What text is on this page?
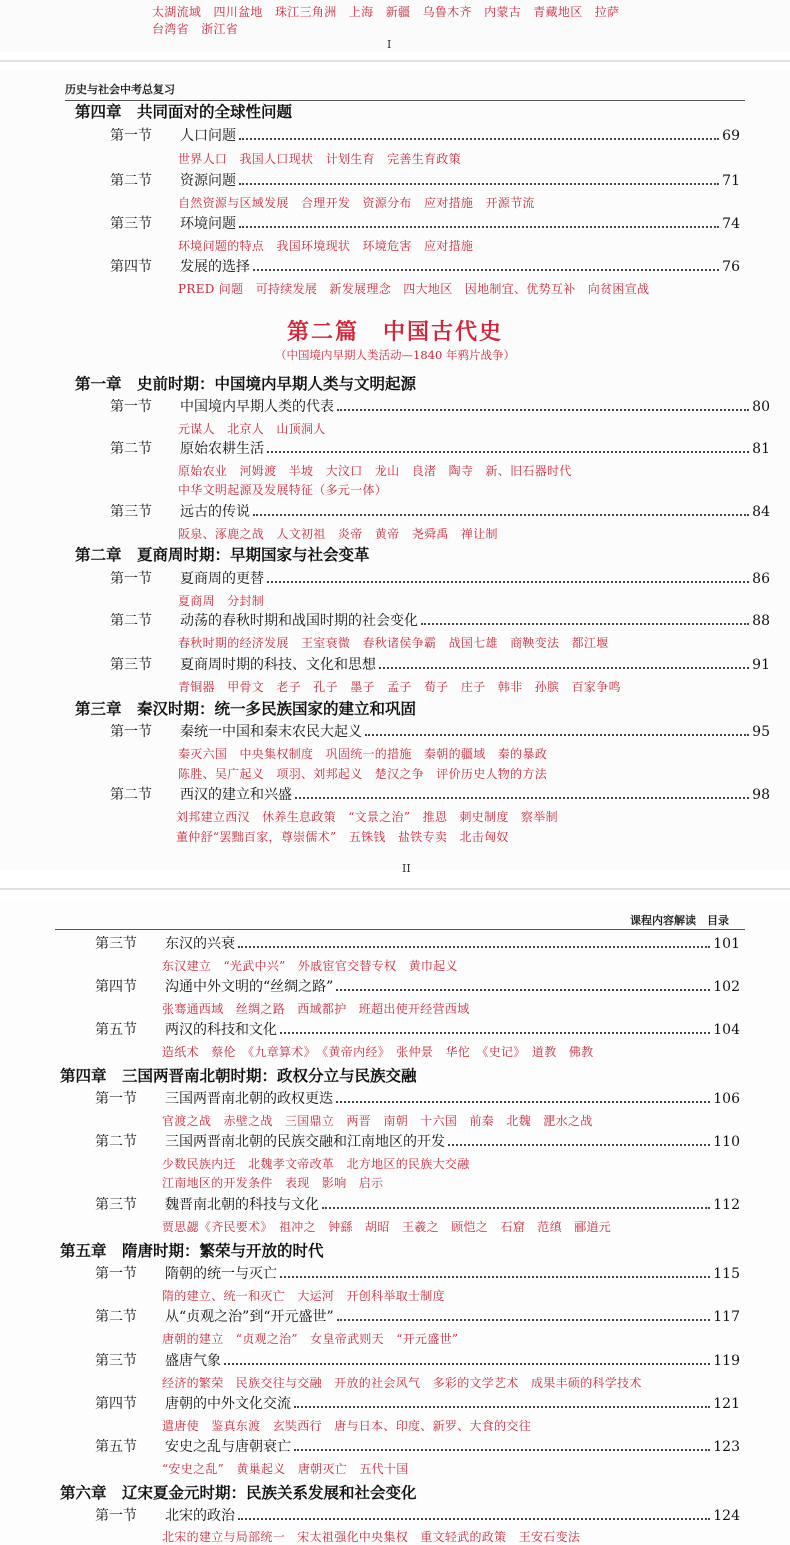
太湖流域　四川盆地　珠江三角洲　上海　新疆　乌鲁木齐　内蒙古　青藏地区　拉萨
台湾省　浙江省
I
历史与社会中考总复习
第四章　共同面对的全球性问题
第一节	人口问题	69
世界人口　我国人口现状　计划生育　完善生育政策
第二节	资源问题	71
自然资源与区域发展　合理开发　资源分布　应对措施　开源节流
第三节	环境问题	74
环境问题的特点　我国环境现状　环境危害　应对措施
第四节	发展的选择	76
PRED 问题　可持续发展　新发展理念　四大地区　因地制宜、优势互补　向贫困宣战
第二篇　中国古代史
（中国境内早期人类活动—1840 年鸦片战争）
第一章　史前时期：中国境内早期人类与文明起源
第一节	中国境内早期人类的代表	80
元谋人　北京人　山顶洞人
第二节	原始农耕生活	81
原始农业　河姆渡　半坡　大汶口　龙山　良渚　陶寺　新、旧石器时代
中华文明起源及发展特征（多元一体）
第三节	远古的传说	84
阪泉、涿鹿之战　人文初祖　炎帝　黄帝　尧舜禹　禅让制
第二章　夏商周时期：早期国家与社会变革
第一节	夏商周的更替	86
夏商周　分封制
第二节	动荡的春秋时期和战国时期的社会变化	88
春秋时期的经济发展　王室衰微　春秋诸侯争霸　战国七雄　商鞅变法　都江堰
第三节	夏商周时期的科技、文化和思想	91
青铜器　甲骨文　老子　孔子　墨子　孟子　荀子　庄子　韩非　孙膑　百家争鸣
第三章　秦汉时期：统一多民族国家的建立和巩固
第一节	秦统一中国和秦末农民大起义	95
秦灭六国　中央集权制度　巩固统一的措施　秦朝的疆域　秦的暴政
陈胜、吴广起义　项羽、刘邦起义　楚汉之争　评价历史人物的方法
第二节	西汉的建立和兴盛	98
刘邦建立西汉　休养生息政策　“文景之治”　推恩　刺史制度　察举制
董仲舒“罢黜百家，尊崇儒术”　五铢钱　盐铁专卖　北击匈奴
II
课程内容解读　目录
第三节	东汉的兴衰	101
东汉建立　“光武中兴”　外戚宦官交替专权　黄巾起义
第四节	沟通中外文明的“丝绸之路”	102
张骞通西域　丝绸之路　西域都护　班超出使开经营西域
第五节	两汉的科技和文化	104
造纸术　蔡伦　《九章算术》　《黄帝内经》　张仲景　华佗　《史记》　道教　佛教
第四章　三国两晋南北朝时期：政权分立与民族交融
第一节	三国两晋南北朝的政权更迭	106
官渡之战　赤壁之战　三国鼎立　两晋　南朝　十六国　前秦　北魏　淝水之战
第二节	三国两晋南北朝的民族交融和江南地区的开发	110
少数民族内迁　北魏孝文帝改革　北方地区的民族大交融
江南地区的开发条件　表现　影响　启示
第三节	魏晋南北朝的科技与文化	112
贾思勰《齐民要术》　祖冲之　钟繇　胡昭　王羲之　顾恺之　石窟　范缜　郦道元
第五章　隋唐时期：繁荣与开放的时代
第一节	隋朝的统一与灭亡	115
隋的建立、统一和灭亡　大运河　开创科举取士制度
第二节	从“贞观之治”到“开元盛世”	117
唐朝的建立　“贞观之治”　女皇帝武则天　“开元盛世”
第三节	盛唐气象	119
经济的繁荣　民族交往与交融　开放的社会风气　多彩的文学艺术　成果丰硕的科学技术
第四节	唐朝的中外文化交流	121
遣唐使　鉴真东渡　玄奘西行　唐与日本、印度、新罗、大食的交往
第五节	安史之乱与唐朝衰亡	123
“安史之乱”　黄巢起义　唐朝灭亡　五代十国
第六章　辽宋夏金元时期：民族关系发展和社会变化
第一节	北宋的政治	124
北宋的建立与局部统一　宋太祖强化中央集权　重文轻武的政策　王安石变法
